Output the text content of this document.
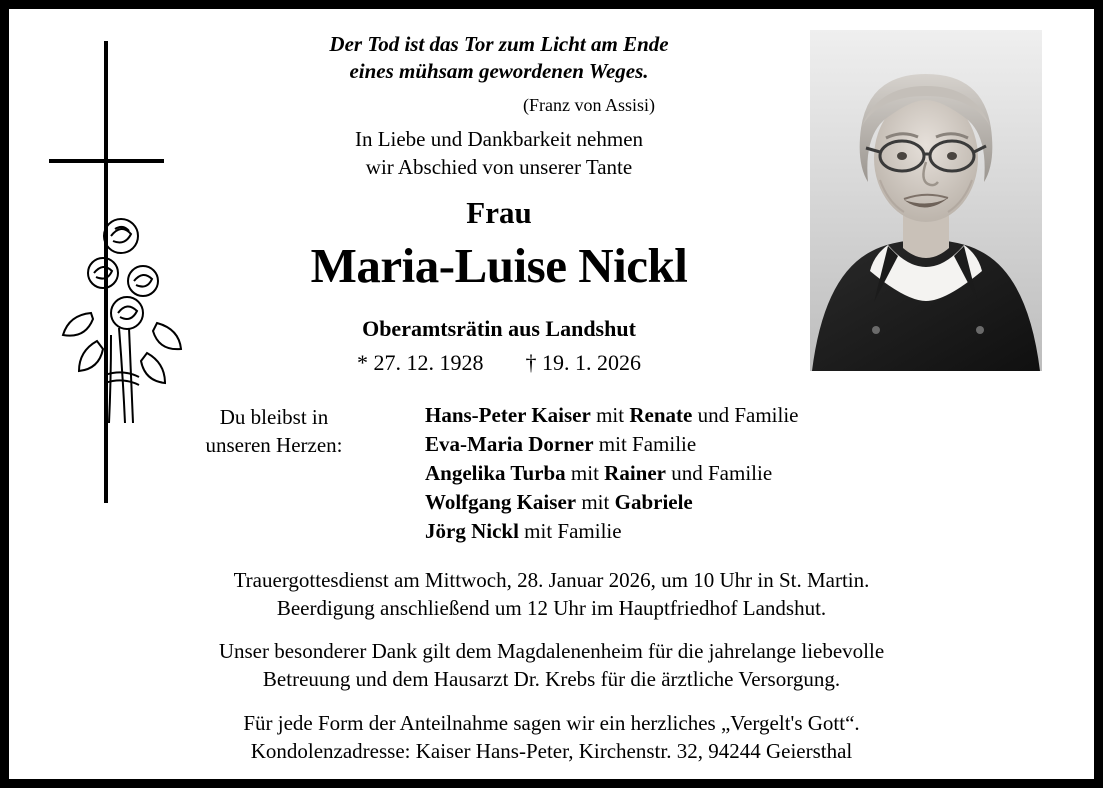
Der Tod ist das Tor zum Licht am Ende
eines mühsam gewordenen Weges.
(Franz von Assisi)
In Liebe und Dankbarkeit nehmen
wir Abschied von unserer Tante
Frau
Maria-Luise Nickl
Oberamtsrätin aus Landshut
* 27. 12. 1928 † 19. 1. 2026
Du bleibst in
unseren Herzen:
Hans-Peter Kaiser mit Renate und Familie
Eva-Maria Dorner mit Familie
Angelika Turba mit Rainer und Familie
Wolfgang Kaiser mit Gabriele
Jörg Nickl mit Familie
Trauergottesdienst am Mittwoch, 28. Januar 2026, um 10 Uhr in St. Martin.
Beerdigung anschließend um 12 Uhr im Hauptfriedhof Landshut.
Unser besonderer Dank gilt dem Magdalenenheim für die jahrelange liebevolle
Betreuung und dem Hausarzt Dr. Krebs für die ärztliche Versorgung.
Für jede Form der Anteilnahme sagen wir ein herzliches „Vergelt's Gott“.
Kondolenzadresse: Kaiser Hans-Peter, Kirchenstr. 32, 94244 Geiersthal
